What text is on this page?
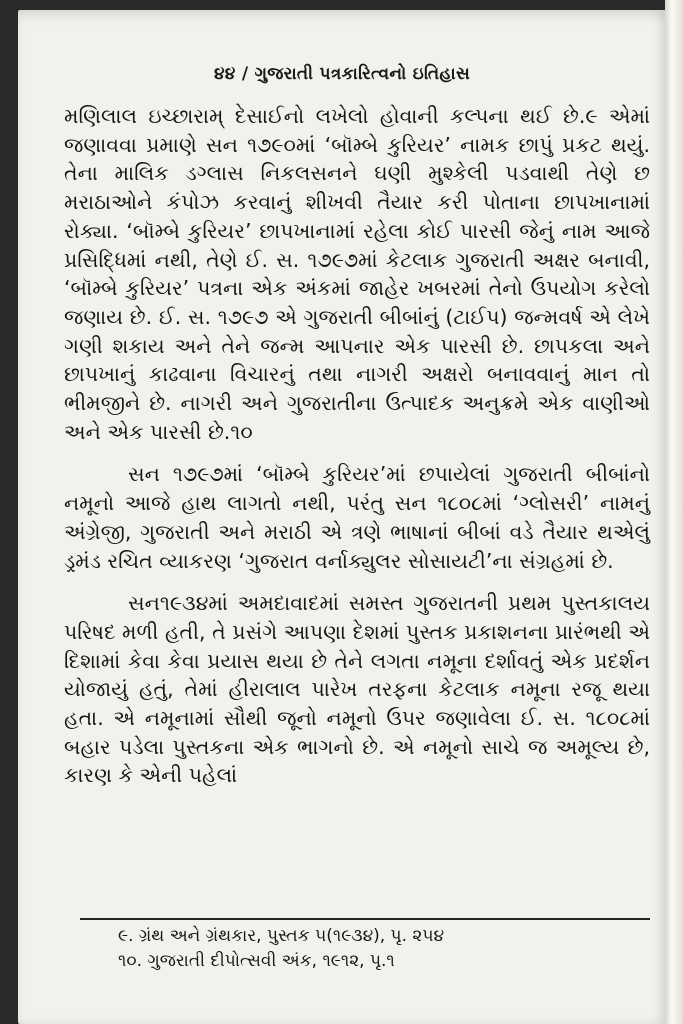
૪૪ / ગુજરાતી પત્રકારિત્વનો ઇતિહાસ

મણિલાલ ઇચ્છારામ્ દેસાઈનો લખેલો હોવાની કલ્પના થઈ છે.૯ એમાં જણાવવા પ્રમાણે સન ૧૭૯૦માં ‘બૉમ્બે કુરિયર’ નામક છાપું પ્રકટ થયું. તેના માલિક ડગ્લાસ નિકલસનને ઘણી મુશ્કેલી પડવાથી તેણે છ મરાઠાઓને કંપોઝ કરવાનું શીખવી તૈયાર કરી પોતાના છાપખાનામાં રોક્યા. ‘બૉમ્બે કુરિયર’ છાપખાનામાં રહેલા કોઈ પારસી જેનું નામ આજે પ્રસિદ્ધિમાં નથી, તેણે ઈ. સ. ૧૭૯૭માં કેટલાક ગુજરાતી અક્ષર બનાવી, ‘બૉમ્બે કુરિયર’ પત્રના એક અંકમાં જાહેર ખબરમાં તેનો ઉપયોગ કરેલો જણાય છે. ઈ. સ. ૧૭૯૭ એ ગુજરાતી બીબાંનું (ટાઈપ) જન્મવર્ષ એ લેખે ગણી શકાય અને તેને જન્મ આપનાર એક પારસી છે. છાપકલા અને છાપખાનું કાઢવાના વિચારનું તથા નાગરી અક્ષરો બનાવવાનું માન તો ભીમજીને છે. નાગરી અને ગુજરાતીના ઉત્પાદક અનુક્રમે એક વાણીઓ અને એક પારસી છે.૧૦

સન ૧૭૯૭માં ‘બૉમ્બે કુરિયર’માં છપાયેલાં ગુજરાતી બીબાંનો નમૂનો આજે હાથ લાગતો નથી, પરંતુ સન ૧૮૦૮માં ‘ગ્લોસરી’ નામનું અંગ્રેજી, ગુજરાતી અને મરાઠી એ ત્રણે ભાષાનાં બીબાં વડે તૈયાર થએલું ડ્રમંડ રચિત વ્યાકરણ ‘ગુજરાત વર્નાક્યુલર સોસાયટી’ના સંગ્રહમાં છે.

સન૧૯૩૪માં અમદાવાદમાં સમસ્ત ગુજરાતની પ્રથમ પુસ્તકાલય પરિષદ મળી હતી, તે પ્રસંગે આપણા દેશમાં પુસ્તક પ્રકાશનના પ્રારંભથી એ દિશામાં કેવા કેવા પ્રયાસ થયા છે તેને લગતા નમૂના દર્શાવતું એક પ્રદર્શન યોજાયું હતું, તેમાં હીરાલાલ પારેખ તરફના કેટલાક નમૂના રજૂ થયા હતા. એ નમૂનામાં સૌથી જૂનો નમૂનો ઉપર જણાવેલા ઈ. સ. ૧૮૦૮માં બહાર પડેલા પુસ્તકના એક ભાગનો છે. એ નમૂનો સાચે જ અમૂલ્ય છે, કારણ કે એની પહેલાં

૯. ગ્રંથ અને ગ્રંથકાર, પુસ્તક ૫(૧૯૩૪), પૃ. ૨૫૪
૧૦. ગુજરાતી દીપોત્સવી અંક, ૧૯૧૨, પૃ.૧
